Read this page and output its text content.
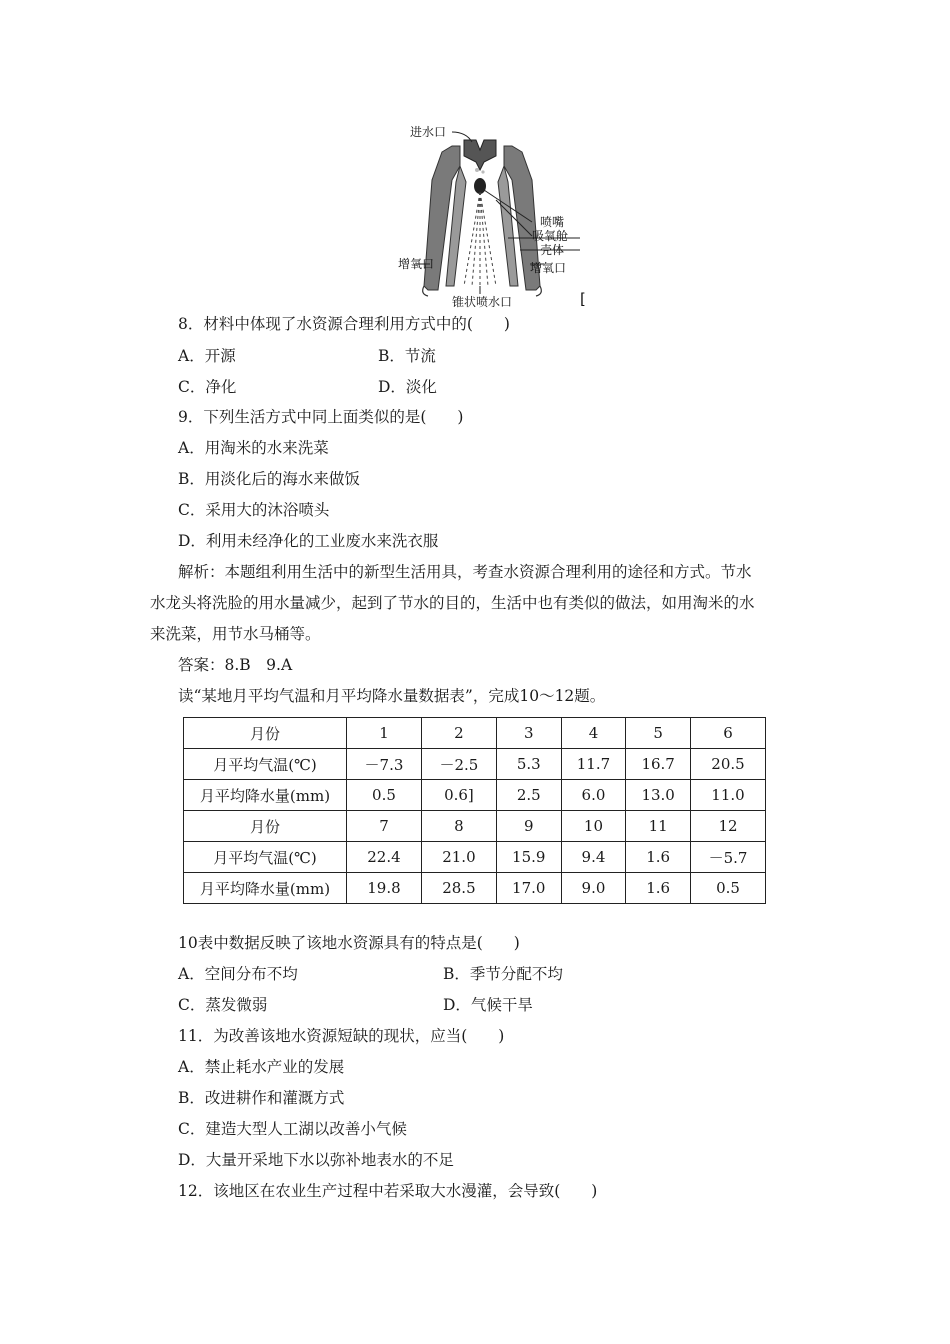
进水口
喷嘴
吸氧舱
壳体
增氧口	增氧口
锥状喷水口	[
8．材料中体现了水资源合理利用方式中的(　　)
A．开源	B．节流
C．净化	D．淡化
9．下列生活方式中同上面类似的是(　　)
A．用淘米的水来洗菜
B．用淡化后的海水来做饭
C．采用大的沐浴喷头
D．利用未经净化的工业废水来洗衣服
解析：本题组利用生活中的新型生活用具，考查水资源合理利用的途径和方式。节水
水龙头将洗脸的用水量减少，起到了节水的目的，生活中也有类似的做法，如用淘米的水
来洗菜，用节水马桶等。
答案：8.B　9.A
读“某地月平均气温和月平均降水量数据表”，完成10～12题。
月份	1	2	3	4	5	6
月平均气温(℃)	－7.3	－2.5	5.3	11.7	16.7	20.5
月平均降水量(mm)	0.5	0.6]	2.5	6.0	13.0	11.0
月份	7	8	9	10	11	12
月平均气温(℃)	22.4	21.0	15.9	9.4	1.6	－5.7
月平均降水量(mm)	19.8	28.5	17.0	9.0	1.6	0.5
10表中数据反映了该地水资源具有的特点是(　　)
A．空间分布不均	B．季节分配不均
C．蒸发微弱	D．气候干旱
11．为改善该地水资源短缺的现状，应当(　　)
A．禁止耗水产业的发展
B．改进耕作和灌溉方式
C．建造大型人工湖以改善小气候
D．大量开采地下水以弥补地表水的不足
12．该地区在农业生产过程中若采取大水漫灌，会导致(　　)
